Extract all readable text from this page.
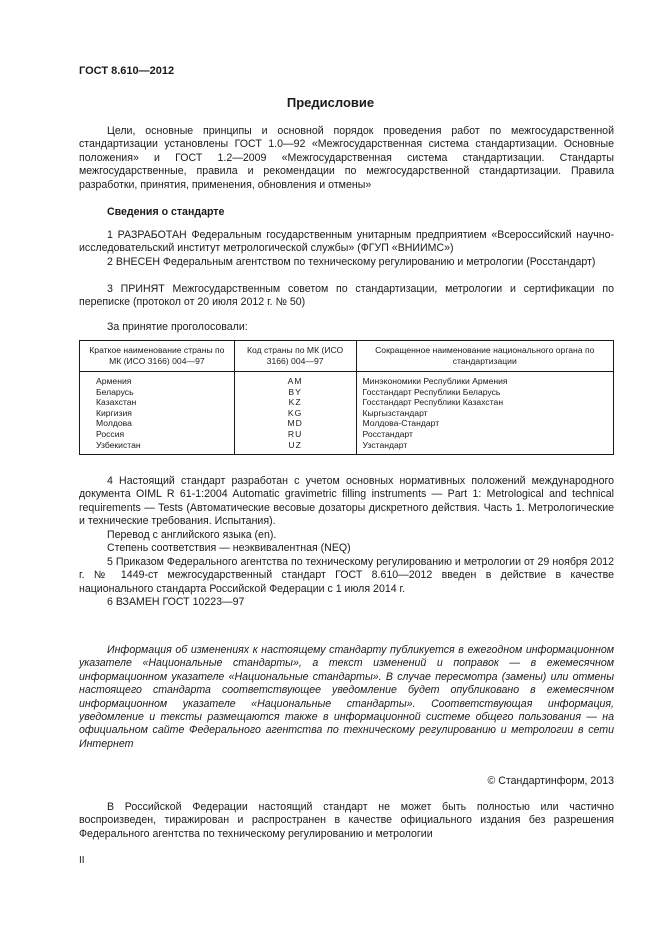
ГОСТ 8.610—2012
Предисловие

Цели, основные принципы и основной порядок проведения работ по межгосударственной стандартизации установлены ГОСТ 1.0—92 «Межгосударственная система стандартизации. Основные положения» и ГОСТ 1.2—2009 «Межгосударственная система стандартизации. Стандарты межгосударственные, правила и рекомендации по межгосударственной стандартизации. Правила разработки, принятия, применения, обновления и отмены»

Сведения о стандарте

1 РАЗРАБОТАН Федеральным государственным унитарным предприятием «Всероссийский научно-исследовательский институт метрологической службы» (ФГУП «ВНИИМС»)

2 ВНЕСЕН Федеральным агентством по техническому регулированию и метрологии (Росстандарт)

3 ПРИНЯТ Межгосударственным советом по стандартизации, метрологии и сертификации по переписке (протокол от 20 июля 2012 г. № 50)

За принятие проголосовали:
Краткое наименование страны по МК (ИСО 3166) 004—97	Код страны по МК (ИСО 3166) 004—97	Сокращенное наименование национального органа по стандартизации
Армения	AM	Минэкономики Республики Армения
Беларусь	BY	Госстандарт Республики Беларусь
Казахстан	KZ	Госстандарт Республики Казахстан
Киргизия	KG	Кыргызстандарт
Молдова	MD	Молдова-Стандарт
Россия	RU	Росстандарт
Узбекистан	UZ	Узстандарт

4 Настоящий стандарт разработан с учетом основных нормативных положений международного документа OIML R 61-1:2004 Automatic gravimetric filling instruments — Part 1: Metrological and technical requirements — Tests (Автоматические весовые дозаторы дискретного действия. Часть 1. Метрологические и технические требования. Испытания).

Перевод с английского языка (en).

Степень соответствия — неэквивалентная (NEQ)

5 Приказом Федерального агентства по техническому регулированию и метрологии от 29 ноября 2012 г. № 1449-ст межгосударственный стандарт ГОСТ 8.610—2012 введен в действие в качестве национального стандарта Российской Федерации с 1 июля 2014 г.

6 ВЗАМЕН ГОСТ 10223—97

Информация об изменениях к настоящему стандарту публикуется в ежегодном информационном указателе «Национальные стандарты», а текст изменений и поправок — в ежемесячном информационном указателе «Национальные стандарты». В случае пересмотра (замены) или отмены настоящего стандарта соответствующее уведомление будет опубликовано в ежемесячном информационном указателе «Национальные стандарты». Соответствующая информация, уведомление и тексты размещаются также в информационной системе общего пользования — на официальном сайте Федерального агентства по техническому регулированию и метрологии в сети Интернет

© Стандартинформ, 2013

В Российской Федерации настоящий стандарт не может быть полностью или частично воспроизведен, тиражирован и распространен в качестве официального издания без разрешения Федерального агентства по техническому регулированию и метрологии

II
